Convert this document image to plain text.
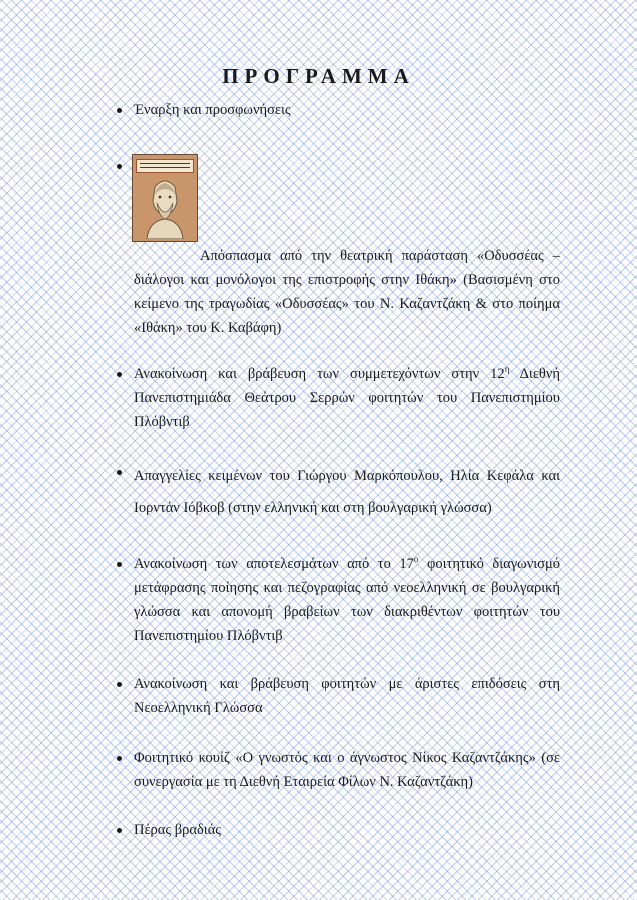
ΠΡΟΓΡΑΜΜΑ
Έναρξη και προσφωνήσεις
Απόσπασμα από την θεατρική παράσταση «Οδυσσέας – διάλογοι και μονόλογοι της επιστροφής στην Ιθάκη» (Βασισμένη στο κείμενο της τραγωδίας «Οδυσσέας» του Ν. Καζαντζάκη & στο ποίημα «Ιθάκη» του Κ. Καβάφη)
Ανακοίνωση και βράβευση των συμμετεχόντων στην $12^\eta$ Διεθνή Πανεπιστημιάδα Θεάτρου Σερρών φοιτητών του Πανεπιστημίου Πλόβντιβ
Απαγγελίες κειμένων του Γιώργου Μαρκόπουλου, Ηλία Κεφάλα και Ιορντάν Ιόβκοβ (στην ελληνική και στη βουλγαρική γλώσσα)
Ανακοίνωση των αποτελεσμάτων από το $17^o$ φοιτητικό διαγωνισμό μετάφρασης ποίησης και πεζογραφίας από νεοελληνική σε βουλγαρική γλώσσα και απονομή βραβείων των διακριθέντων φοιτητών του Πανεπιστημίου Πλόβντιβ
Ανακοίνωση και βράβευση φοιτητών με άριστες επιδόσεις στη Νεοελληνική Γλώσσα
Φοιτητικό κουίζ «Ο γνωστός και ο άγνωστος Νίκος Καζαντζάκης» (σε συνεργασία με τη Διεθνή Εταιρεία Φίλων Ν. Καζαντζάκη)
Πέρας βραδιάς
